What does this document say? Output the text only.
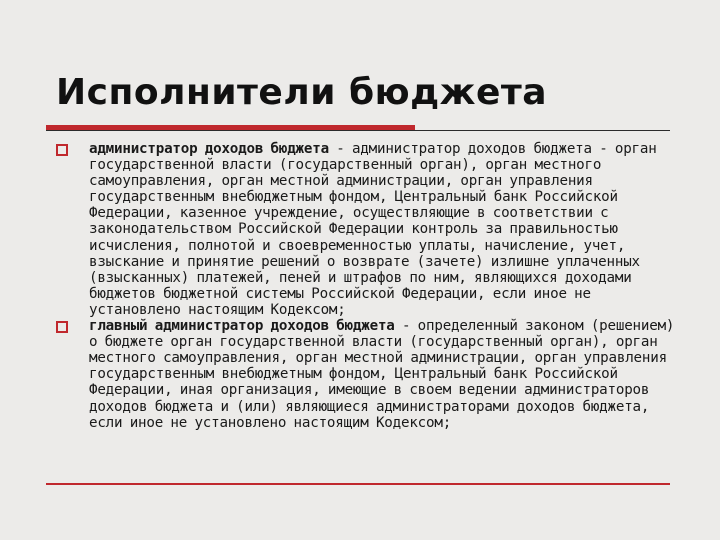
Исполнители бюджета
администратор доходов бюджета - администратор доходов бюджета - орган государственной власти (государственный орган), орган местного самоуправления, орган местной администрации, орган управления государственным внебюджетным фондом, Центральный банк Российской Федерации, казенное учреждение, осуществляющие в соответствии с законодательством Российской Федерации контроль за правильностью исчисления, полнотой и своевременностью уплаты, начисление, учет, взыскание и принятие решений о возврате (зачете) излишне уплаченных (взысканных) платежей, пеней и штрафов по ним, являющихся доходами бюджетов бюджетной системы Российской Федерации, если иное не установлено настоящим Кодексом;
главный администратор доходов бюджета - определенный законом (решением) о бюджете орган государственной власти (государственный орган), орган местного самоуправления, орган местной администрации, орган управления государственным внебюджетным фондом, Центральный банк Российской Федерации, иная организация, имеющие в своем ведении администраторов доходов бюджета и (или) являющиеся администраторами доходов бюджета, если иное не установлено настоящим Кодексом;
